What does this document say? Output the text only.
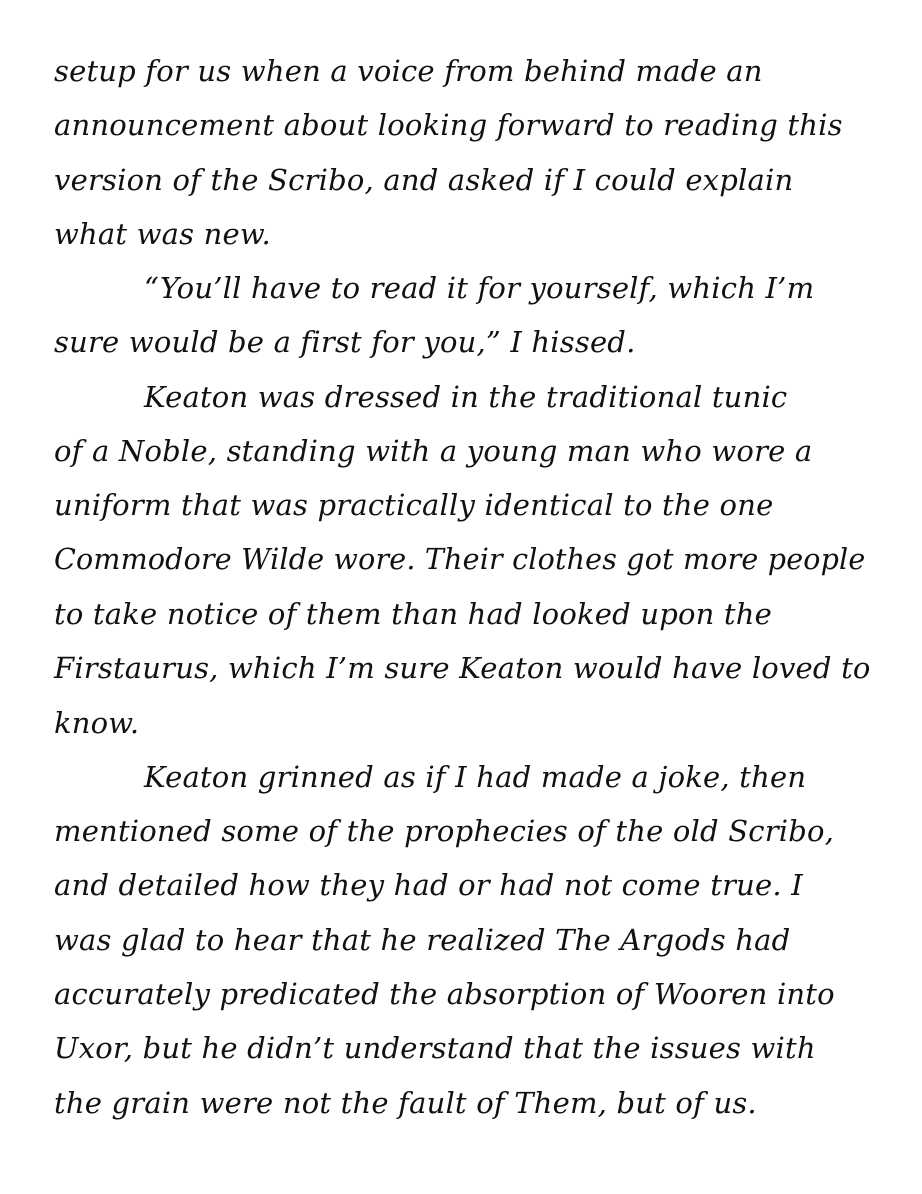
setup for us when a voice from behind made an
announcement about looking forward to reading this
version of the Scribo, and asked if I could explain
what was new.
“You’ll have to read it for yourself, which I’m
sure would be a first for you,” I hissed.
Keaton was dressed in the traditional tunic
of a Noble, standing with a young man who wore a
uniform that was practically identical to the one
Commodore Wilde wore. Their clothes got more people
to take notice of them than had looked upon the
Firstaurus, which I’m sure Keaton would have loved to
know.
Keaton grinned as if I had made a joke, then
mentioned some of the prophecies of the old Scribo,
and detailed how they had or had not come true. I
was glad to hear that he realized The Argods had
accurately predicated the absorption of Wooren into
Uxor, but he didn’t understand that the issues with
the grain were not the fault of Them, but of us.
